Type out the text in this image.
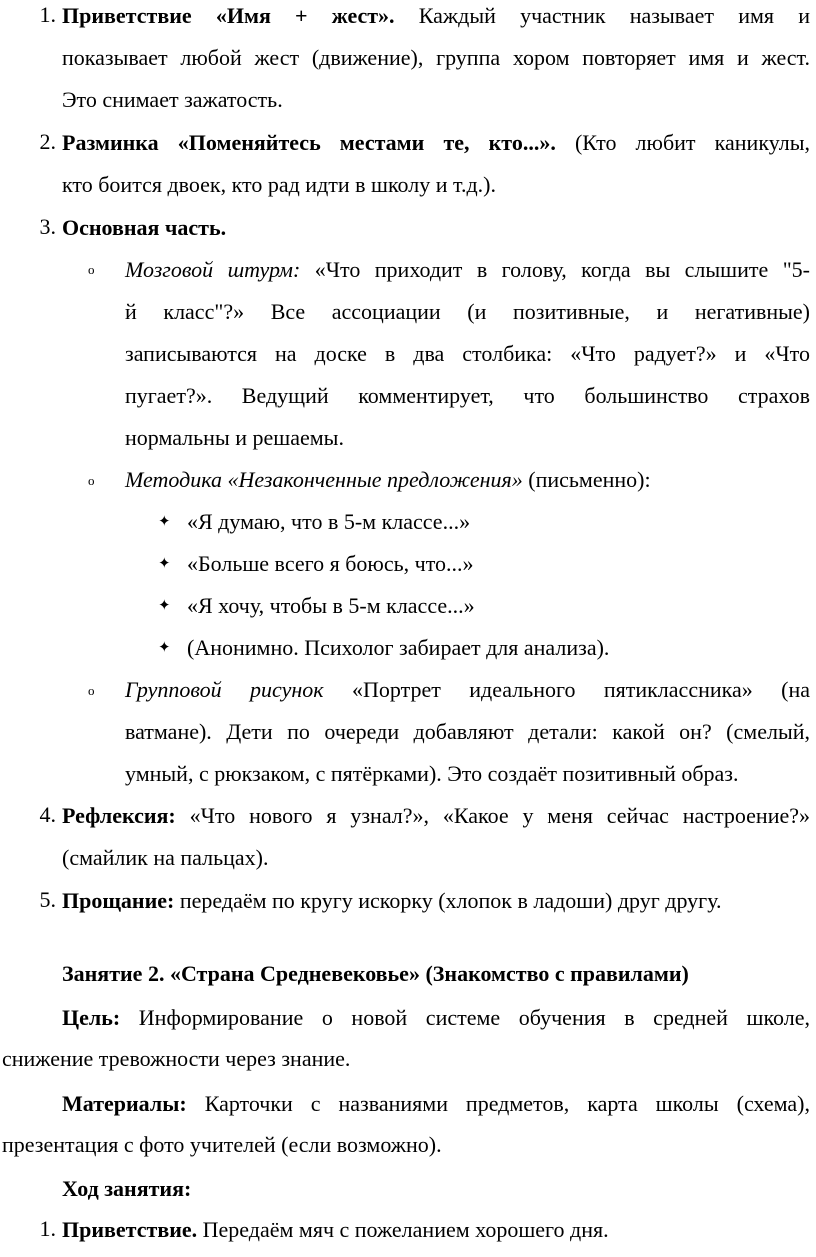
1. Приветствие «Имя + жест». Каждый участник называет имя и
показывает любой жест (движение), группа хором повторяет имя и жест.
Это снимает зажатость.
2. Разминка «Поменяйтесь местами те, кто...». (Кто любит каникулы,
кто боится двоек, кто рад идти в школу и т.д.).
3. Основная часть.
o Мозговой штурм: «Что приходит в голову, когда вы слышите "5-
й класс"?» Все ассоциации (и позитивные, и негативные)
записываются на доске в два столбика: «Что радует?» и «Что
пугает?». Ведущий комментирует, что большинство страхов
нормальны и решаемы.
o Методика «Незаконченные предложения» (письменно):
✦ «Я думаю, что в 5-м классе...»
✦ «Больше всего я боюсь, что...»
✦ «Я хочу, чтобы в 5-м классе...»
✦ (Анонимно. Психолог забирает для анализа).
o Групповой рисунок «Портрет идеального пятиклассника» (на
ватмане). Дети по очереди добавляют детали: какой он? (смелый,
умный, с рюкзаком, с пятёрками). Это создаёт позитивный образ.
4. Рефлексия: «Что нового я узнал?», «Какое у меня сейчас настроение?»
(смайлик на пальцах).
5. Прощание: передаём по кругу искорку (хлопок в ладоши) друг другу.
Занятие 2. «Страна Средневековье» (Знакомство с правилами)
Цель: Информирование о новой системе обучения в средней школе,
снижение тревожности через знание.
Материалы: Карточки с названиями предметов, карта школы (схема),
презентация с фото учителей (если возможно).
Ход занятия:
1. Приветствие. Передаём мяч с пожеланием хорошего дня.
